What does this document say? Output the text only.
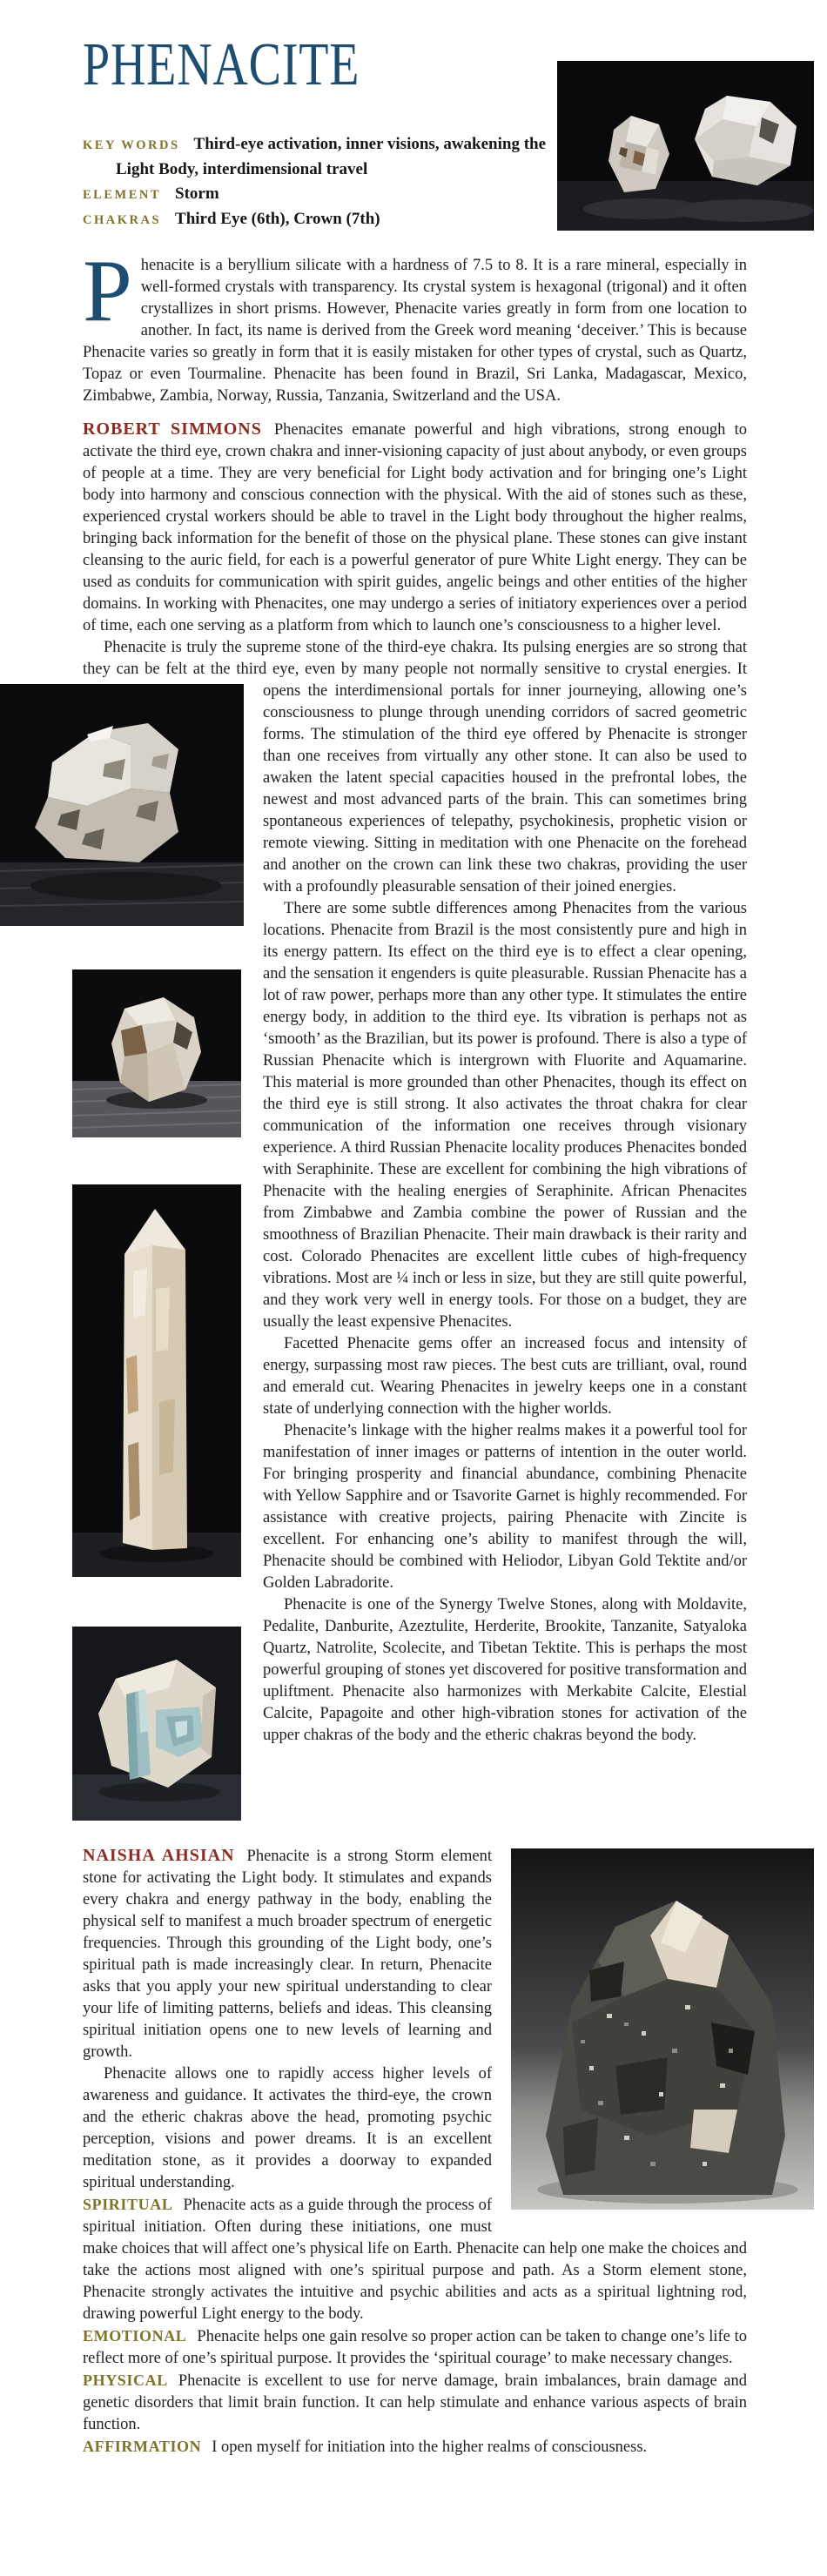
PHENACITE
KEY WORDS Third-eye activation, inner visions, awakening the Light Body, interdimensional travel
ELEMENT Storm
CHAKRAS Third Eye (6th), Crown (7th)

Phenacite is a beryllium silicate with a hardness of 7.5 to 8. It is a rare mineral, especially in well-formed crystals with transparency. Its crystal system is hexagonal (trigonal) and it often crystallizes in short prisms. However, Phenacite varies greatly in form from one location to another. In fact, its name is derived from the Greek word meaning ‘deceiver.’ This is because Phenacite varies so greatly in form that it is easily mistaken for other types of crystal, such as Quartz, Topaz or even Tourmaline. Phenacite has been found in Brazil, Sri Lanka, Madagascar, Mexico, Zimbabwe, Zambia, Norway, Russia, Tanzania, Switzerland and the USA.

ROBERT SIMMONS Phenacites emanate powerful and high vibrations, strong enough to activate the third eye, crown chakra and inner-visioning capacity of just about anybody, or even groups of people at a time. They are very beneficial for Light body activation and for bringing one’s Light body into harmony and conscious connection with the physical. With the aid of stones such as these, experienced crystal workers should be able to travel in the Light body throughout the higher realms, bringing back information for the benefit of those on the physical plane. These stones can give instant cleansing to the auric field, for each is a powerful generator of pure White Light energy. They can be used as conduits for communication with spirit guides, angelic beings and other entities of the higher domains. In working with Phenacites, one may undergo a series of initiatory experiences over a period of time, each one serving as a platform from which to launch one’s consciousness to a higher level.

Phenacite is truly the supreme stone of the third-eye chakra. Its pulsing energies are so strong that they can be felt at the third eye, even by many people not normally sensitive to
crystal energies. It opens the interdimensional portals for inner journeying, allowing one’s consciousness to plunge through unending corridors of sacred geometric forms. The stimulation of the third eye offered by Phenacite is stronger than one receives from virtually any other stone. It can also be used to awaken the latent special capacities housed in the prefrontal lobes, the newest and most advanced parts of the brain. This can sometimes bring spontaneous experiences of telepathy, psychokinesis, prophetic vision or remote viewing. Sitting in meditation with one Phenacite on the forehead and another on the crown can link these two chakras, providing the user with a profoundly pleasurable sensation of their joined energies.

There are some subtle differences among Phenacites from the various locations. Phenacite from Brazil is the most consistently pure and high in its energy pattern. Its effect on the third eye is to effect a clear opening, and the sensation it engenders is quite pleasurable. Russian Phenacite has a lot of raw power, perhaps more than any other type. It stimulates the entire energy body, in addition to the third eye. Its vibration is perhaps not as ‘smooth’ as the Brazilian, but its power is profound. There is also a type of Russian Phenacite which is intergrown with Fluorite and Aquamarine. This material is more grounded than other Phenacites, though its effect on the third eye is still strong. It also activates the throat chakra for clear communication of the information one receives through visionary experience. A third Russian Phenacite locality produces Phenacites bonded with Seraphinite. These are excellent for combining the high vibrations of Phenacite with the healing energies of Seraphinite. African Phenacites from Zimbabwe and Zambia combine the power of Russian and the smoothness of Brazilian Phenacite. Their main drawback is their rarity and cost. Colorado Phenacites are excellent little cubes of high-frequency vibrations. Most are ¼ inch or less in size, but they are still quite powerful, and they work very well in energy tools. For those on a budget, they are usually the least expensive Phenacites.

Facetted Phenacite gems offer an increased focus and intensity of energy, surpassing most raw pieces. The best cuts are trilliant, oval, round and emerald cut. Wearing Phenacites in jewelry keeps one in a constant state of underlying connection with the higher worlds.

Phenacite’s linkage with the higher realms makes it a powerful tool for manifestation of inner images or patterns of intention in the outer world. For bringing prosperity and financial abundance, combining Phenacite with Yellow Sapphire and or Tsavorite Garnet is highly recommended. For assistance with creative projects, pairing Phenacite with Zincite is excellent. For enhancing one’s ability to manifest through the will, Phenacite should be combined with Heliodor, Libyan Gold Tektite and/or Golden Labradorite.

Phenacite is one of the Synergy Twelve Stones, along with Moldavite, Pedalite, Danburite, Azeztulite, Herderite, Brookite, Tanzanite, Satyaloka Quartz, Natrolite, Scolecite, and Tibetan Tektite. This is perhaps the most powerful grouping of stones yet discovered for positive transformation and upliftment. Phenacite also harmonizes with Merkabite Calcite, Elestial Calcite, Papagoite and other high-vibration stones for activation of the upper chakras of the body and the etheric chakras beyond the body.

NAISHA AHSIAN Phenacite is a strong Storm element stone for activating the Light body. It stimulates and expands every chakra and energy pathway in the body, enabling the physical self to manifest a much broader spectrum of energetic frequencies. Through this grounding of the Light body, one’s spiritual path is made increasingly clear. In return, Phenacite asks that you apply your new spiritual understanding to clear your life of limiting patterns, beliefs and ideas. This cleansing spiritual initiation opens one to new levels of learning and growth.

Phenacite allows one to rapidly access higher levels of awareness and guidance. It activates the third-eye, the crown and the etheric chakras above the head, promoting psychic perception, visions and power dreams. It is an excellent meditation stone, as it provides a doorway to expanded spiritual understanding.

SPIRITUAL Phenacite acts as a guide through the process of spiritual initiation. Often during these initiations, one must make choices that will affect one’s physical life on Earth. Phenacite can help one make the choices and take the actions most aligned with one’s spiritual purpose and path. As a Storm element stone, Phenacite strongly activates the intuitive and psychic abilities and acts as a spiritual lightning rod, drawing powerful Light energy to the body.

EMOTIONAL Phenacite helps one gain resolve so proper action can be taken to change one’s life to reflect more of one’s spiritual purpose. It provides the ‘spiritual courage’ to make necessary changes.

PHYSICAL Phenacite is excellent to use for nerve damage, brain imbalances, brain damage and genetic disorders that limit brain function. It can help stimulate and enhance various aspects of brain function.

AFFIRMATION I open myself for initiation into the higher realms of consciousness.
